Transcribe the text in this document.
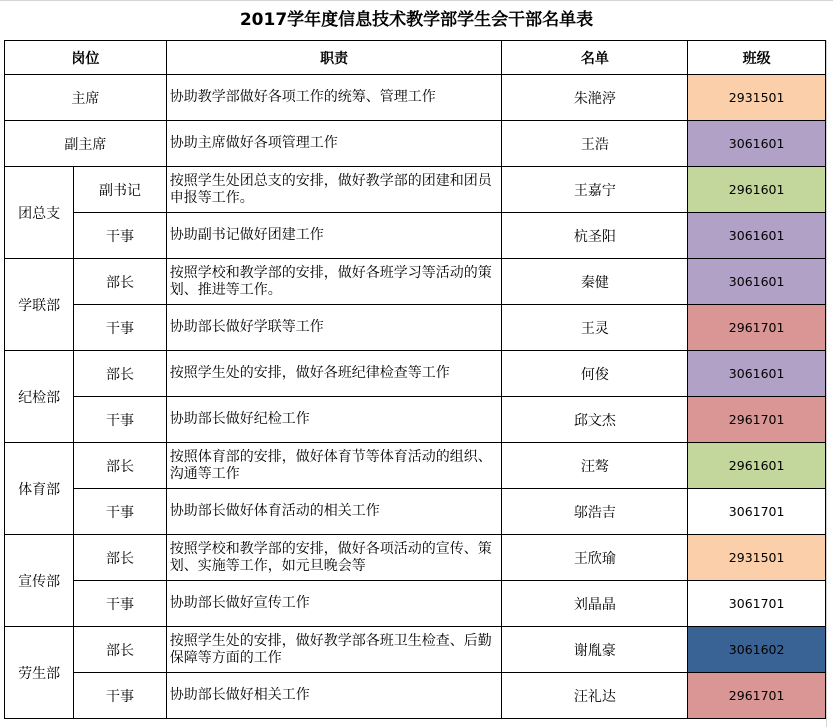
2017学年度信息技术教学部学生会干部名单表
岗位		职责	名单	班级
主席		协助教学部做好各项工作的统筹、管理工作	朱滟渟	2931501
副主席		协助主席做好各项管理工作	王浩	3061601
团总支	副书记	按照学生处团总支的安排，做好教学部的团建和团员申报等工作。	王嘉宁	2961601
	干事	协助副书记做好团建工作	杭圣阳	3061601
学联部	部长	按照学校和教学部的安排，做好各班学习等活动的策划、推进等工作。	秦健	3061601
	干事	协助部长做好学联等工作	王灵	2961701
纪检部	部长	按照学生处的安排，做好各班纪律检查等工作	何俊	3061601
	干事	协助部长做好纪检工作	邱文杰	2961701
体育部	部长	按照体育部的安排，做好体育节等体育活动的组织、沟通等工作	汪骜	2961601
	干事	协助部长做好体育活动的相关工作	邬浩吉	3061701
宣传部	部长	按照学校和教学部的安排，做好各项活动的宣传、策划、实施等工作，如元旦晚会等	王欣瑜	2931501
	干事	协助部长做好宣传工作	刘晶晶	3061701
劳生部	部长	按照学生处的安排，做好教学部各班卫生检查、后勤保障等方面的工作	谢胤豪	3061602
	干事	协助部长做好相关工作	汪礼达	2961701
